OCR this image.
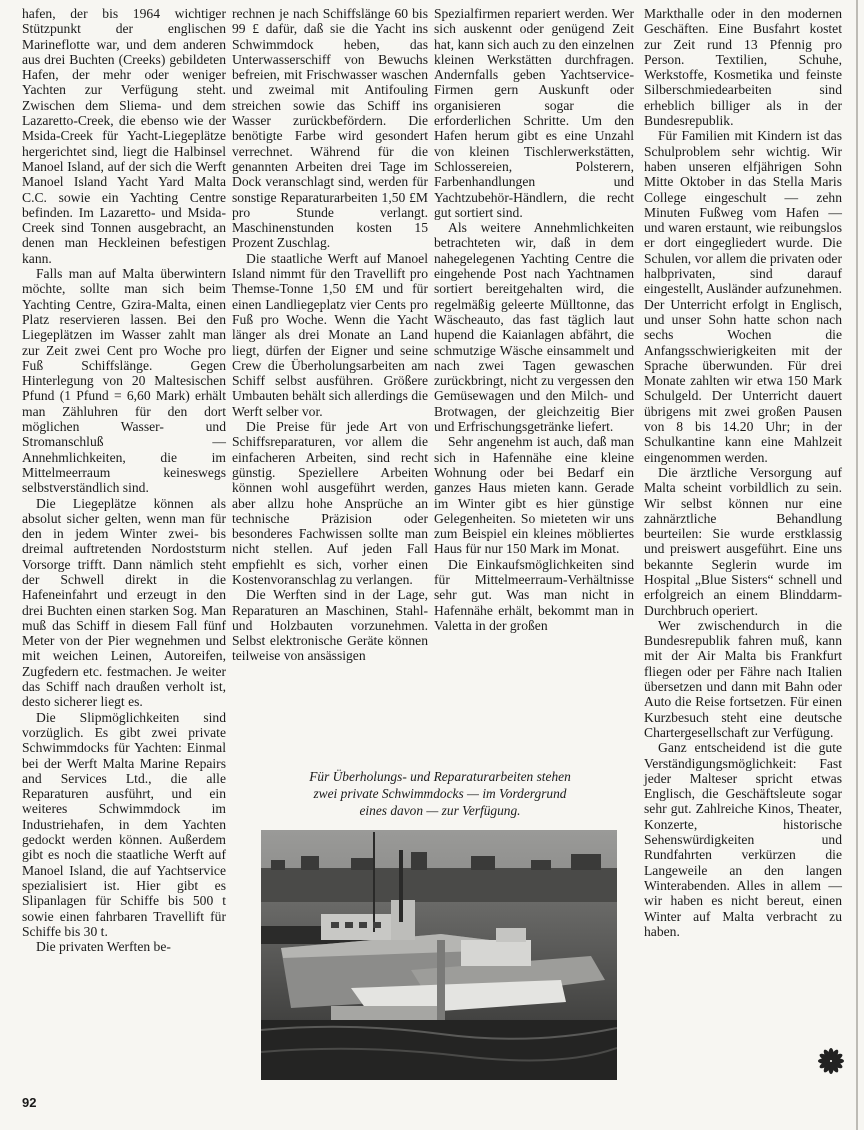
hafen, der bis 1964 wichtiger Stützpunkt der englischen Marineflotte war, und dem anderen aus drei Buchten (Creeks) gebildeten Hafen, der mehr oder weniger Yachten zur Verfügung steht. Zwischen dem Sliema- und dem Lazaretto-Creek, die ebenso wie der Msida-Creek für Yacht-Liegeplätze hergerichtet sind, liegt die Halbinsel Manoel Island, auf der sich die Werft Manoel Island Yacht Yard Malta C.C. sowie ein Yachting Centre befinden. Im Lazaretto- und Msida-Creek sind Tonnen ausgebracht, an denen man Heckleinen befestigen kann.

Falls man auf Malta überwintern möchte, sollte man sich beim Yachting Centre, Gzira-Malta, einen Platz reservieren lassen. Bei den Liegeplätzen im Wasser zahlt man zur Zeit zwei Cent pro Woche pro Fuß Schiffslänge. Gegen Hinterlegung von 20 Maltesischen Pfund (1 Pfund = 6,60 Mark) erhält man Zähluhren für den dort möglichen Wasser- und Stromanschluß — Annehmlichkeiten, die im Mittelmeerraum keineswegs selbstverständlich sind.

Die Liegeplätze können als absolut sicher gelten, wenn man für den in jedem Winter zwei- bis dreimal auftretenden Nordoststurm Vorsorge trifft. Dann nämlich steht der Schwell direkt in die Hafeneinfahrt und erzeugt in den drei Buchten einen starken Sog. Man muß das Schiff in diesem Fall fünf Meter von der Pier wegnehmen und mit weichen Leinen, Autoreifen, Zugfedern etc. festmachen. Je weiter das Schiff nach draußen verholt ist, desto sicherer liegt es.

Die Slipmöglichkeiten sind vorzüglich. Es gibt zwei private Schwimmdocks für Yachten: Einmal bei der Werft Malta Marine Repairs and Services Ltd., die alle Reparaturen ausführt, und ein weiteres Schwimmdock im Industriehafen, in dem Yachten gedockt werden können. Außerdem gibt es noch die staatliche Werft auf Manoel Island, die auf Yachtservice spezialisiert ist. Hier gibt es Slipanlagen für Schiffe bis 500 t sowie einen fahrbaren Travellift für Schiffe bis 30 t.

Die privaten Werften be-

rechnen je nach Schiffslänge 60 bis 99 £ dafür, daß sie die Yacht ins Schwimmdock heben, das Unterwasserschiff von Bewuchs befreien, mit Frischwasser waschen und zweimal mit Antifouling streichen sowie das Schiff ins Wasser zurückbefördern. Die benötigte Farbe wird gesondert verrechnet. Während für die genannten Arbeiten drei Tage im Dock veranschlagt sind, werden für sonstige Reparaturarbeiten 1,50 £M pro Stunde verlangt. Maschinenstunden kosten 15 Prozent Zuschlag.

Die staatliche Werft auf Manoel Island nimmt für den Travellift pro Themse-Tonne 1,50 £M und für einen Landliegeplatz vier Cents pro Fuß pro Woche. Wenn die Yacht länger als drei Monate an Land liegt, dürfen der Eigner und seine Crew die Überholungsarbeiten am Schiff selbst ausführen. Größere Umbauten behält sich allerdings die Werft selber vor.

Die Preise für jede Art von Schiffsreparaturen, vor allem die einfacheren Arbeiten, sind recht günstig. Speziellere Arbeiten können wohl ausgeführt werden, aber allzu hohe Ansprüche an technische Präzision oder besonderes Fachwissen sollte man nicht stellen. Auf jeden Fall empfiehlt es sich, vorher einen Kostenvoranschlag zu verlangen.

Die Werften sind in der Lage, Reparaturen an Maschinen, Stahl- und Holzbauten vorzunehmen. Selbst elektronische Geräte können teilweise von ansässigen

Spezialfirmen repariert werden. Wer sich auskennt oder genügend Zeit hat, kann sich auch zu den einzelnen kleinen Werkstätten durchfragen. Andernfalls geben Yachtservice-Firmen gern Auskunft oder organisieren sogar die erforderlichen Schritte. Um den Hafen herum gibt es eine Unzahl von kleinen Tischlerwerkstätten, Schlossereien, Polsterern, Farbenhandlungen und Yachtzubehör-Händlern, die recht gut sortiert sind.

Als weitere Annehmlichkeiten betrachteten wir, daß in dem nahegelegenen Yachting Centre die eingehende Post nach Yachtnamen sortiert bereitgehalten wird, die regelmäßig geleerte Mülltonne, das Wäscheauto, das fast täglich laut hupend die Kaianlagen abfährt, die schmutzige Wäsche einsammelt und nach zwei Tagen gewaschen zurückbringt, nicht zu vergessen den Gemüsewagen und den Milch- und Brotwagen, der gleichzeitig Bier und Erfrischungsgetränke liefert.

Sehr angenehm ist auch, daß man sich in Hafennähe eine kleine Wohnung oder bei Bedarf ein ganzes Haus mieten kann. Gerade im Winter gibt es hier günstige Gelegenheiten. So mieteten wir uns zum Beispiel ein kleines möbliertes Haus für nur 150 Mark im Monat.

Die Einkaufsmöglichkeiten sind für Mittelmeerraum-Verhältnisse sehr gut. Was man nicht in Hafennähe erhält, bekommt man in Valetta in der großen

Markthalle oder in den modernen Geschäften. Eine Busfahrt kostet zur Zeit rund 13 Pfennig pro Person. Textilien, Schuhe, Werkstoffe, Kosmetika und feinste Silberschmiedearbeiten sind erheblich billiger als in der Bundesrepublik.

Für Familien mit Kindern ist das Schulproblem sehr wichtig. Wir haben unseren elfjährigen Sohn Mitte Oktober in das Stella Maris College eingeschult — zehn Minuten Fußweg vom Hafen — und waren erstaunt, wie reibungslos er dort eingegliedert wurde. Die Schulen, vor allem die privaten oder halbprivaten, sind darauf eingestellt, Ausländer aufzunehmen. Der Unterricht erfolgt in Englisch, und unser Sohn hatte schon nach sechs Wochen die Anfangsschwierigkeiten mit der Sprache überwunden. Für drei Monate zahlten wir etwa 150 Mark Schulgeld. Der Unterricht dauert übrigens mit zwei großen Pausen von 8 bis 14.20 Uhr; in der Schulkantine kann eine Mahlzeit eingenommen werden.

Die ärztliche Versorgung auf Malta scheint vorbildlich zu sein. Wir selbst können nur eine zahnärztliche Behandlung beurteilen: Sie wurde erstklassig und preiswert ausgeführt. Eine uns bekannte Seglerin wurde im Hospital „Blue Sisters“ schnell und erfolgreich an einem Blinddarm-Durchbruch operiert.

Wer zwischendurch in die Bundesrepublik fahren muß, kann mit der Air Malta bis Frankfurt fliegen oder per Fähre nach Italien übersetzen und dann mit Bahn oder Auto die Reise fortsetzen. Für einen Kurzbesuch steht eine deutsche Chartergesellschaft zur Verfügung.

Ganz entscheidend ist die gute Verständigungsmöglichkeit: Fast jeder Malteser spricht etwas Englisch, die Geschäftsleute sogar sehr gut. Zahlreiche Kinos, Theater, Konzerte, historische Sehenswürdigkeiten und Rundfahrten verkürzen die Langeweile an den langen Winterabenden. Alles in allem — wir haben es nicht bereut, einen Winter auf Malta verbracht zu haben.

Für Überholungs- und Reparaturarbeiten stehen zwei private Schwimmdocks — im Vordergrund eines davon — zur Verfügung.
92
